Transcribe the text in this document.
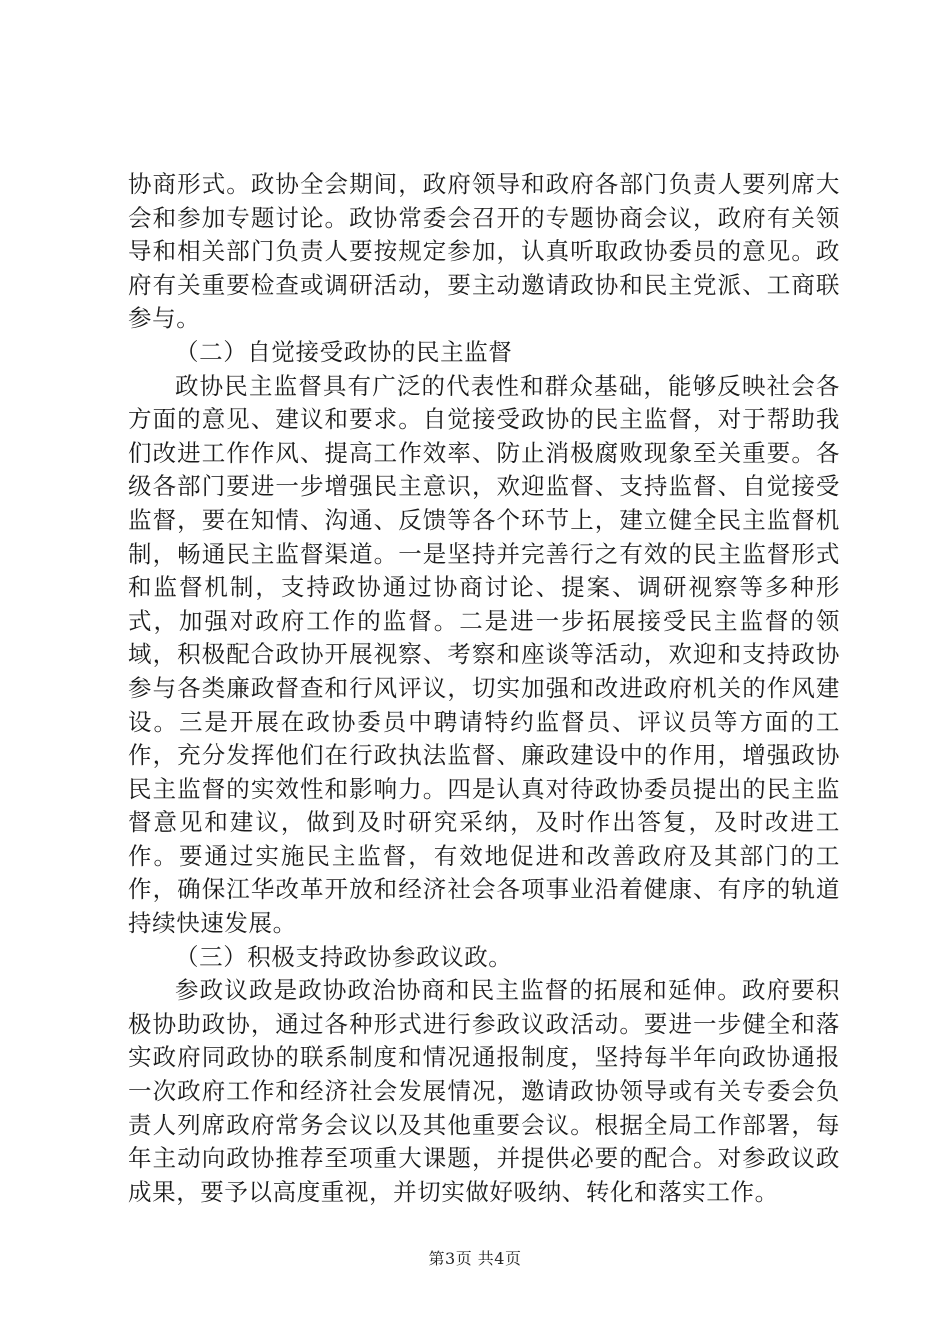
协商形式。政协全会期间，政府领导和政府各部门负责人要列席大会和参加专题讨论。政协常委会召开的专题协商会议，政府有关领导和相关部门负责人要按规定参加，认真听取政协委员的意见。政府有关重要检查或调研活动，要主动邀请政协和民主党派、工商联参与。

（二）自觉接受政协的民主监督

政协民主监督具有广泛的代表性和群众基础，能够反映社会各方面的意见、建议和要求。自觉接受政协的民主监督，对于帮助我们改进工作作风、提高工作效率、防止消极腐败现象至关重要。各级各部门要进一步增强民主意识，欢迎监督、支持监督、自觉接受监督，要在知情、沟通、反馈等各个环节上，建立健全民主监督机制，畅通民主监督渠道。一是坚持并完善行之有效的民主监督形式和监督机制，支持政协通过协商讨论、提案、调研视察等多种形式，加强对政府工作的监督。二是进一步拓展接受民主监督的领域，积极配合政协开展视察、考察和座谈等活动，欢迎和支持政协参与各类廉政督查和行风评议，切实加强和改进政府机关的作风建设。三是开展在政协委员中聘请特约监督员、评议员等方面的工作，充分发挥他们在行政执法监督、廉政建设中的作用，增强政协民主监督的实效性和影响力。四是认真对待政协委员提出的民主监督意见和建议，做到及时研究采纳，及时作出答复，及时改进工作。要通过实施民主监督，有效地促进和改善政府及其部门的工作，确保江华改革开放和经济社会各项事业沿着健康、有序的轨道持续快速发展。

（三）积极支持政协参政议政。

参政议政是政协政治协商和民主监督的拓展和延伸。政府要积极协助政协，通过各种形式进行参政议政活动。要进一步健全和落实政府同政协的联系制度和情况通报制度，坚持每半年向政协通报一次政府工作和经济社会发展情况，邀请政协领导或有关专委会负责人列席政府常务会议以及其他重要会议。根据全局工作部署，每年主动向政协推荐至项重大课题，并提供必要的配合。对参政议政成果，要予以高度重视，并切实做好吸纳、转化和落实工作。

第3页 共4页
